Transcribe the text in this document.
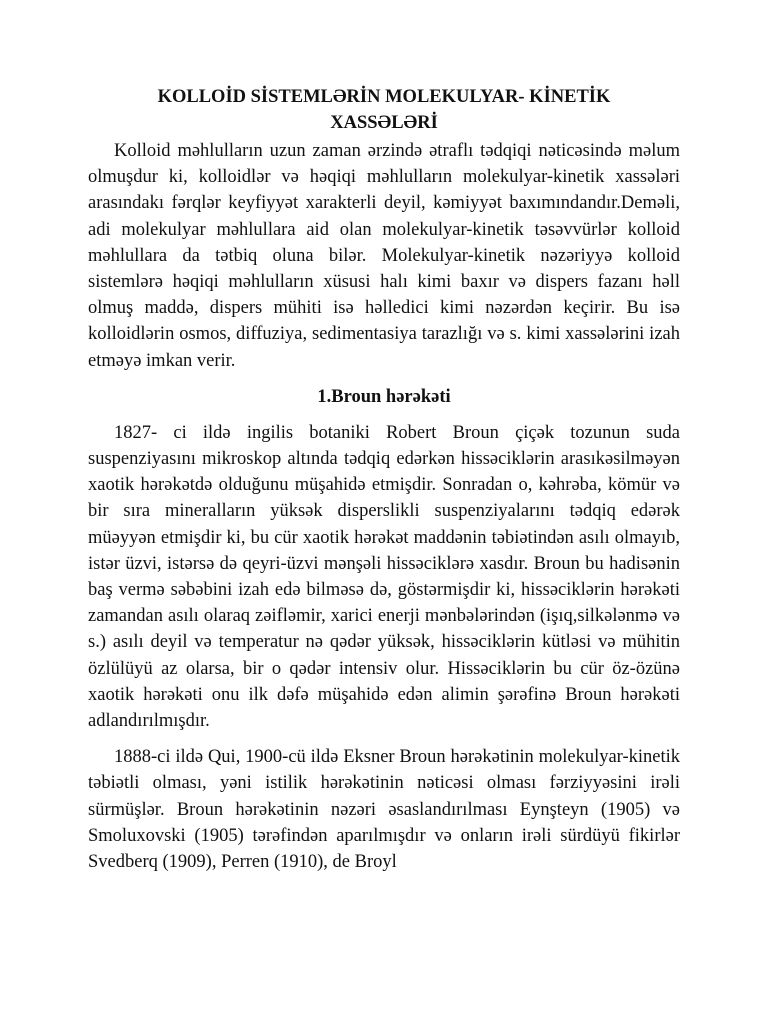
KOLLOİD SİSTEMLƏRİN MOLEKULYAR- KİNETİK
XASSƏLƏRİ

Kolloid məhlulların uzun zaman ərzində ətraflı tədqiqi nəticəsində məlum olmuşdur ki, kolloidlər və həqiqi məhlulların molekulyar-kinetik xassələri arasındakı fərqlər keyfiyyət xarakterli deyil, kəmiyyət baxımındandır.Deməli, adi molekulyar məhlullara aid olan molekulyar-kinetik təsəvvürlər kolloid məhlullara da tətbiq oluna bilər. Molekulyar-kinetik nəzəriyyə kolloid sistemlərə həqiqi məhlulların xüsusi halı kimi baxır və dispers fazanı həll olmuş maddə, dispers mühiti isə həlledici kimi nəzərdən keçirir. Bu isə kolloidlərin osmos, diffuziya, sedimentasiya tarazlığı və s. kimi xassələrini izah etməyə imkan verir.

1.Broun hərəkəti

1827- ci ildə ingilis botaniki Robert Broun çiçək tozunun suda suspenziyasını mikroskop altında tədqiq edərkən hissəciklərin arasıkəsilməyən xaotik hərəkətdə olduğunu müşahidə etmişdir. Sonradan o, kəhrəba, kömür və bir sıra mineralların yüksək disperslikli suspenziyalarını tədqiq edərək müəyyən etmişdir ki, bu cür xaotik hərəkət maddənin təbiətindən asılı olmayıb, istər üzvi, istərsə də qeyri-üzvi mənşəli hissəciklərə xasdır. Broun bu hadisənin baş vermə səbəbini izah edə bilməsə də, göstərmişdir ki, hissəciklərin hərəkəti zamandan asılı olaraq zəifləmir, xarici enerji mənbələrindən (işıq,silkələnmə və s.) asılı deyil və temperatur nə qədər yüksək, hissəciklərin kütləsi və mühitin özlülüyü az olarsa, bir o qədər intensiv olur. Hissəciklərin bu cür öz-özünə xaotik hərəkəti onu ilk dəfə müşahidə edən alimin şərəfinə Broun hərəkəti adlandırılmışdır.

1888-ci ildə Qui, 1900-cü ildə Eksner Broun hərəkətinin molekulyar-kinetik təbiətli olması, yəni istilik hərəkətinin nəticəsi olması fərziyyəsini irəli sürmüşlər. Broun hərəkətinin nəzəri əsaslandırılması Eynşteyn (1905) və Smoluxovski (1905) tərəfindən aparılmışdır və onların irəli sürdüyü fikirlər Svedberq (1909), Perren (1910), de Broyl
